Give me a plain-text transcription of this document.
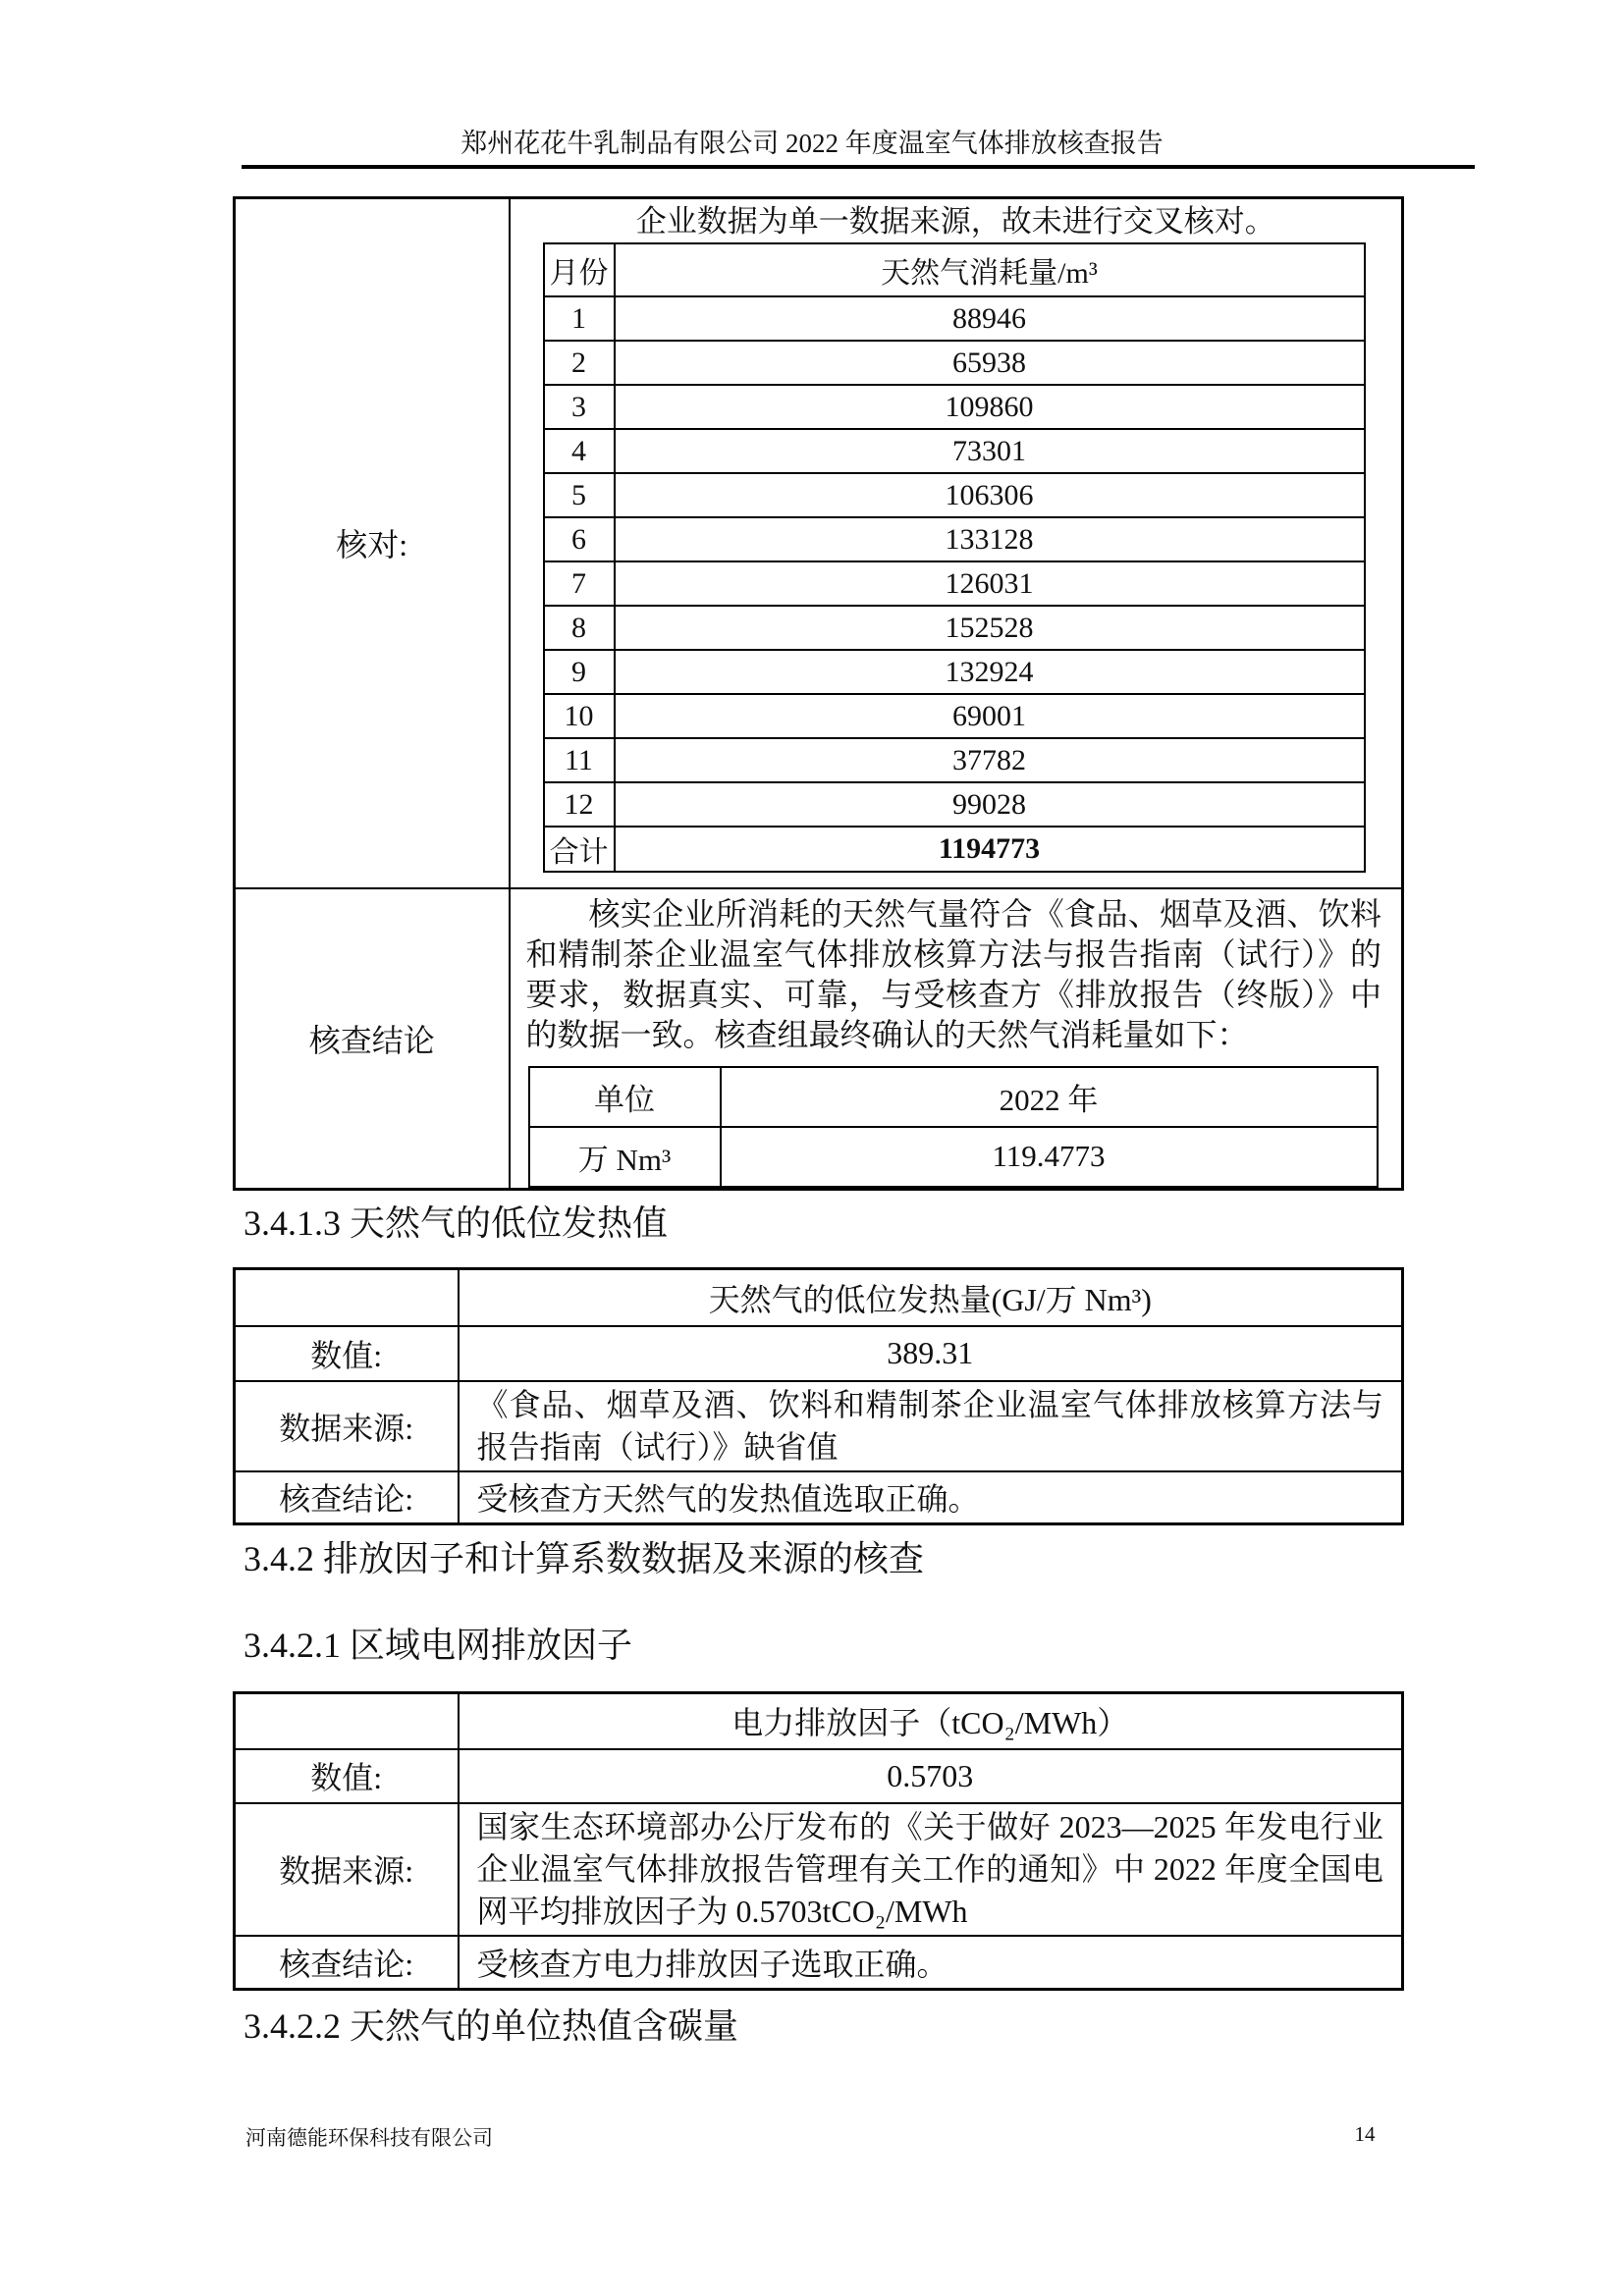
郑州花花牛乳制品有限公司 2022 年度温室气体排放核查报告
核对:	
企业数据为单一数据来源，故未进行交叉核对。
月份	天然气消耗量/m³
1	88946
2	65938
3	109860
4	73301
5	106306
6	133128
7	126031
8	152528
9	132924
10	69001
11	37782
12	99028
合计	1194773

核查结论	
核实企业所消耗的天然气量符合《食品、烟草及酒、饮料和精制茶企业温室气体排放核算方法与报告指南（试行）》的要求，数据真实、可靠，与受核查方《排放报告（终版）》中的数据一致。核查组最终确认的天然气消耗量如下：
单位	2022 年
万 Nm³	119.4773
3.4.1.3 天然气的低位发热值
	天然气的低位发热量(GJ/万 Nm³)
数值:	389.31
数据来源:	《食品、烟草及酒、饮料和精制茶企业温室气体排放核算方法与报告指南（试行）》缺省值
核查结论:	受核查方天然气的发热值选取正确。
3.4.2 排放因子和计算系数数据及来源的核查
3.4.2.1 区域电网排放因子
	电力排放因子（tCO₂/MWh）
数值:	0.5703
数据来源:	国家生态环境部办公厅发布的《关于做好 2023—2025 年发电行业企业温室气体排放报告管理有关工作的通知》中 2022 年度全国电网平均排放因子为 0.5703tCO₂/MWh
核查结论:	受核查方电力排放因子选取正确。
3.4.2.2 天然气的单位热值含碳量
河南德能环保科技有限公司	14
